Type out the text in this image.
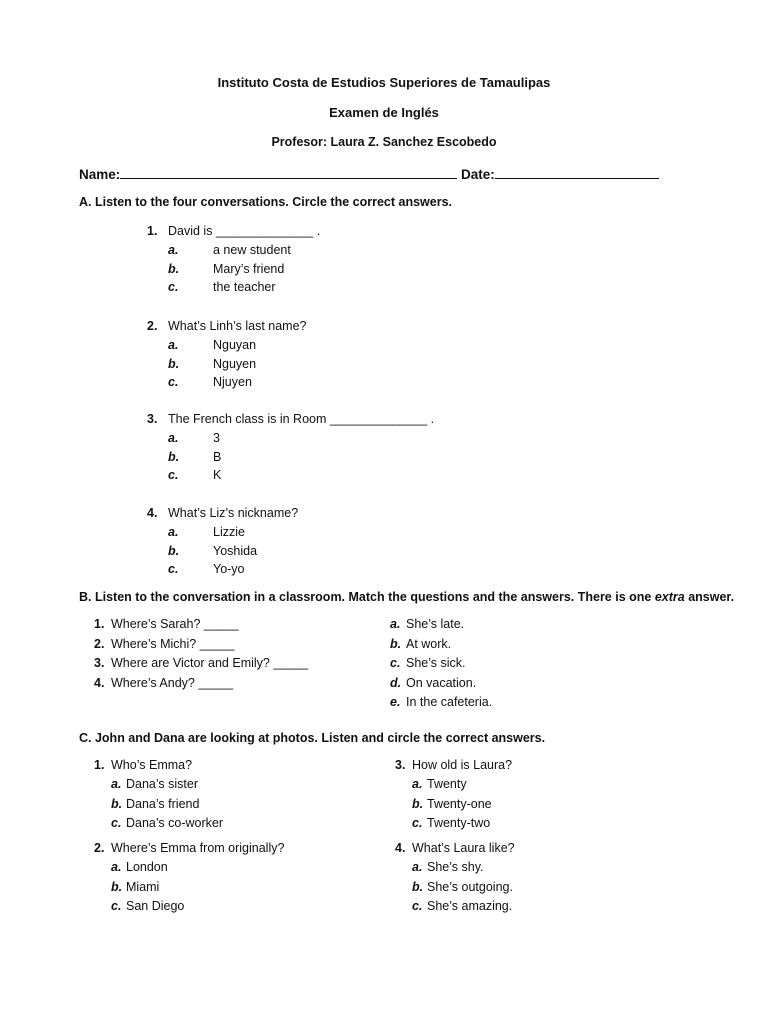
Instituto Costa de Estudios Superiores de Tamaulipas
Examen de Inglés
Profesor: Laura Z. Sanchez Escobedo
Name:	Date:
A. Listen to the four conversations. Circle the correct answers.
1. David is ______________ .
a.	a new student
b.	Mary’s friend
c.	the teacher
2. What’s Linh’s last name?
a.	Nguyan
b.	Nguyen
c.	Njuyen
3. The French class is in Room ______________ .
a.	3
b.	B
c.	K
4. What’s Liz’s nickname?
a.	Lizzie
b.	Yoshida
c.	Yo-yo
B. Listen to the conversation in a classroom. Match the questions and the answers. There is one extra answer.
1. Where’s Sarah? _____
2. Where’s Michi? _____
3. Where are Victor and Emily? _____
4. Where’s Andy? _____
a. She’s late.
b. At work.
c. She’s sick.
d. On vacation.
e. In the cafeteria.
C. John and Dana are looking at photos. Listen and circle the correct answers.
1. Who’s Emma?
a. Dana’s sister
b. Dana’s friend
c. Dana’s co-worker
2. Where’s Emma from originally?
a. London
b. Miami
c. San Diego
3. How old is Laura?
a. Twenty
b. Twenty-one
c. Twenty-two
4. What’s Laura like?
a. She’s shy.
b. She’s outgoing.
c. She’s amazing.
